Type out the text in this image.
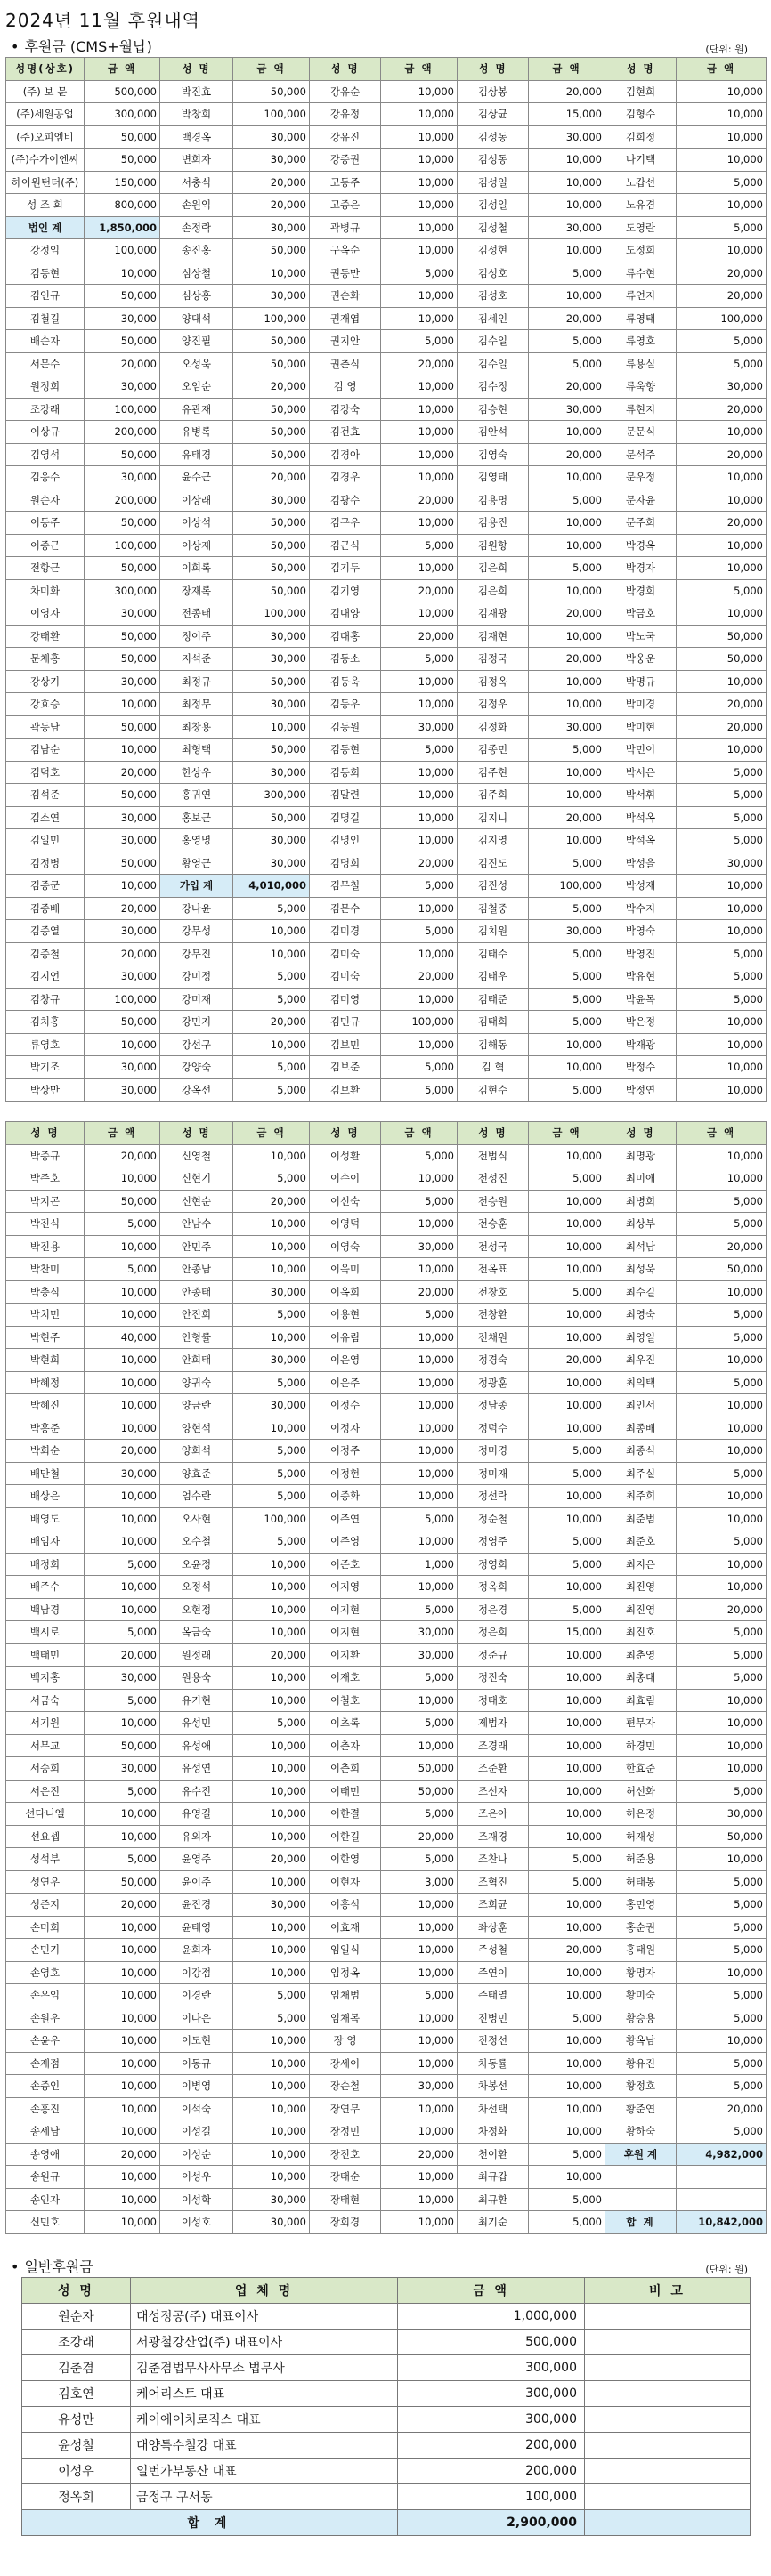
2024년 11월 후원내역
• 후원금 (CMS+월납)	(단위: 원)
성명(상호)	금 액	성 명	금 액	성 명	금 액	성 명	금 액	성 명	금 액
(주) 보 문	500,000	박진효	50,000	강유순	10,000	김상봉	20,000	김현희	10,000
(주)세원공업	300,000	박창희	100,000	강유정	10,000	김상균	15,000	김형수	10,000
(주)오피엠비	50,000	백경옥	30,000	강유진	10,000	김성동	30,000	김희정	10,000
(주)수가이엔씨	50,000	변희자	30,000	강종권	10,000	김성동	10,000	나기택	10,000
하이원턴터(주)	150,000	서충식	20,000	고동주	10,000	김성일	10,000	노갑선	5,000
성 조 회	800,000	손원익	20,000	고종은	10,000	김성일	10,000	노유겸	10,000
법인 계	1,850,000	손정락	30,000	곽병규	10,000	김성철	30,000	도영란	5,000
강정익	100,000	송진홍	50,000	구옥순	10,000	김성현	10,000	도정희	10,000
김동현	10,000	심상철	10,000	권동만	5,000	김성호	5,000	류수현	20,000
김인규	50,000	심상홍	30,000	권순화	10,000	김성호	10,000	류언지	20,000
김철길	30,000	양대석	100,000	권재엽	10,000	김세인	20,000	류영태	100,000
배순자	50,000	양진필	50,000	권지안	5,000	김수일	5,000	류영호	5,000
서문수	20,000	오성욱	50,000	권춘식	20,000	김수일	5,000	류용실	5,000
원정희	30,000	오임순	20,000	김 영	10,000	김수정	20,000	류욱향	30,000
조강래	100,000	유관재	50,000	김강숙	10,000	김승현	30,000	류현지	20,000
이상규	200,000	유병록	50,000	김건효	10,000	김안석	10,000	문문식	10,000
김영석	50,000	유태경	50,000	김경아	10,000	김영숙	20,000	문석주	20,000
김응수	30,000	윤수근	20,000	김경우	10,000	김영태	10,000	문우정	10,000
원순자	200,000	이상래	30,000	김광수	20,000	김용명	5,000	문자윤	10,000
이동주	50,000	이상석	50,000	김구우	10,000	김용진	10,000	문주희	20,000
이종근	100,000	이상재	50,000	김근식	5,000	김원향	10,000	박경옥	10,000
전항근	50,000	이희록	50,000	김기두	10,000	김은희	5,000	박경자	10,000
차미화	300,000	장재록	50,000	김기영	20,000	김은희	10,000	박경희	5,000
이영자	30,000	전종태	100,000	김대양	10,000	김재광	20,000	박금호	10,000
강태환	50,000	정이주	30,000	김대홍	20,000	김재현	10,000	박노국	50,000
문채홍	50,000	지석준	30,000	김동소	5,000	김정국	20,000	박웅운	50,000
강상기	30,000	최정규	50,000	김동욱	10,000	김정옥	10,000	박명규	10,000
강효승	10,000	최정무	30,000	김동우	10,000	김정우	10,000	박미경	20,000
곽동남	50,000	최창용	10,000	김동원	30,000	김정화	30,000	박미현	20,000
김남순	10,000	최형택	50,000	김동현	5,000	김종민	5,000	박민이	10,000
김덕호	20,000	한상우	30,000	김동희	10,000	김주현	10,000	박서은	5,000
김석준	50,000	홍귀연	300,000	김말련	10,000	김주희	10,000	박서휘	5,000
김소연	30,000	홍보근	50,000	김명길	10,000	김지니	20,000	박석옥	5,000
김일민	30,000	홍영명	30,000	김명인	10,000	김지영	10,000	박석옥	5,000
김정병	50,000	황영근	30,000	김명희	20,000	김진도	5,000	박성을	30,000
김종군	10,000	가입 계	4,010,000	김무철	5,000	김진성	100,000	박성재	10,000
김종배	20,000	강나윤	5,000	김문수	10,000	김철중	5,000	박수지	10,000
김종열	30,000	강무성	10,000	김미경	5,000	김치원	30,000	박영숙	10,000
김종철	20,000	강무진	10,000	김미숙	10,000	김태수	5,000	박영진	5,000
김지언	30,000	강미정	5,000	김미숙	20,000	김태우	5,000	박유현	5,000
김창규	100,000	강미재	5,000	김미영	10,000	김태준	5,000	박윤목	5,000
김치홍	50,000	강민지	20,000	김민규	100,000	김태희	5,000	박은정	10,000
류영호	10,000	강선구	10,000	김보민	10,000	김해동	10,000	박재광	10,000
박기조	30,000	강양숙	5,000	김보준	5,000	김 혁	10,000	박정수	10,000
박상만	30,000	강옥선	5,000	김보환	5,000	김현수	5,000	박정연	10,000
성 명	금 액	성 명	금 액	성 명	금 액	성 명	금 액	성 명	금 액
박종규	20,000	신영철	10,000	이성환	5,000	전범식	10,000	최명광	10,000
박주호	10,000	신현기	5,000	이수이	10,000	전성진	5,000	최미애	10,000
박지곤	50,000	신현순	20,000	이신숙	5,000	전승원	10,000	최병희	5,000
박진식	5,000	안남수	10,000	이영덕	10,000	전승훈	10,000	최상부	5,000
박진용	10,000	안민주	10,000	이영숙	30,000	전성국	10,000	최석남	20,000
박찬미	5,000	안종남	10,000	이욱미	10,000	전옥표	10,000	최성욱	50,000
박충식	10,000	안종태	30,000	이옥희	20,000	전창호	5,000	최수길	10,000
박치민	10,000	안진희	5,000	이용현	5,000	전창환	10,000	최영숙	5,000
박현주	40,000	안형률	10,000	이유림	10,000	전채원	10,000	최영일	5,000
박현희	10,000	안희태	30,000	이은영	10,000	정경숙	20,000	최우진	10,000
박혜정	10,000	양귀숙	5,000	이은주	10,000	정광훈	10,000	최의택	5,000
박혜진	10,000	양금란	30,000	이정수	10,000	정남종	10,000	최인서	10,000
박홍준	10,000	양현석	10,000	이정자	10,000	정덕수	10,000	최종배	10,000
박희순	20,000	양희석	5,000	이정주	10,000	정미경	5,000	최종식	10,000
배만철	30,000	양효준	5,000	이정현	10,000	정미재	5,000	최주실	5,000
배상은	10,000	엄수란	5,000	이종화	10,000	정선락	10,000	최주희	10,000
배영도	10,000	오사현	100,000	이주연	5,000	정순철	10,000	최준범	10,000
배임자	10,000	오수철	5,000	이주영	10,000	정영주	5,000	최준호	5,000
배정희	5,000	오윤정	10,000	이준호	1,000	정영희	5,000	최지은	10,000
배주수	10,000	오정석	10,000	이지영	10,000	정옥희	10,000	최진영	10,000
백남경	10,000	오현정	10,000	이지현	5,000	정은경	5,000	최진영	20,000
백시로	5,000	옥금숙	10,000	이지현	30,000	정은희	15,000	최진호	5,000
백태민	20,000	원정래	20,000	이지환	30,000	정준규	10,000	최춘영	5,000
백지홍	30,000	원용숙	10,000	이재호	5,000	정진숙	10,000	최총대	5,000
서금숙	5,000	유기현	10,000	이철호	10,000	정태호	10,000	최효림	10,000
서기원	10,000	유성민	5,000	이초록	5,000	제범자	10,000	편무자	10,000
서무교	50,000	유성애	10,000	이춘자	10,000	조경래	10,000	하경민	10,000
서승희	30,000	유성연	10,000	이춘희	50,000	조준환	10,000	한효준	10,000
서은진	5,000	유수진	10,000	이태민	50,000	조선자	10,000	허선화	5,000
선다니엘	10,000	유영길	10,000	이한결	5,000	조은아	10,000	허은정	30,000
선요셉	10,000	유외자	10,000	이한길	20,000	조재경	10,000	허재성	50,000
성석부	5,000	윤영주	20,000	이한영	5,000	조찬나	5,000	허준용	10,000
성연우	50,000	윤이주	10,000	이현자	3,000	조혁진	5,000	허태봉	5,000
성준지	20,000	윤진경	30,000	이홍석	10,000	조희균	10,000	홍민영	5,000
손미희	10,000	윤태영	10,000	이효재	10,000	좌상훈	10,000	홍순권	5,000
손민기	10,000	윤희자	10,000	임일식	10,000	주성철	20,000	홍태원	5,000
손영호	10,000	이강점	10,000	임정옥	10,000	주연이	10,000	황명자	10,000
손우익	10,000	이경란	5,000	임채범	5,000	주태열	10,000	황미숙	5,000
손원우	10,000	이다은	5,000	임채목	10,000	진병민	5,000	황승용	5,000
손윤우	10,000	이도현	10,000	장 영	10,000	진정선	10,000	황옥남	10,000
손재점	10,000	이동규	10,000	장세이	10,000	차동률	10,000	황유진	5,000
손종인	10,000	이병영	10,000	장순철	30,000	차봉선	10,000	황정호	5,000
손홍진	10,000	이석숙	10,000	장연무	10,000	차선택	10,000	황준연	20,000
송세남	10,000	이성길	10,000	장정민	10,000	차정화	10,000	황하숙	5,000
송영애	20,000	이성순	10,000	장진호	20,000	천이환	5,000	후원 계	4,982,000
송원규	10,000	이성우	10,000	장태순	10,000	최규갑	10,000		
송인자	10,000	이성학	30,000	장태현	10,000	최규환	5,000		
신민호	10,000	이성호	30,000	장희경	10,000	최기순	5,000	합 계	10,842,000
• 일반후원금	(단위: 원)
성 명	업 체 명	금 액	비 고
원순자	대성정공(주) 대표이사	1,000,000	
조강래	서광철강산업(주) 대표이사	500,000	
김춘겸	김춘겸법무사사무소 법무사	300,000	
김호연	케어리스트 대표	300,000	
유성만	케이에이치로직스 대표	300,000	
윤성철	대양특수철강 대표	200,000	
이성우	일번가부동산 대표	200,000	
정옥희	금정구 구서동	100,000	
합 계		2,900,000	
